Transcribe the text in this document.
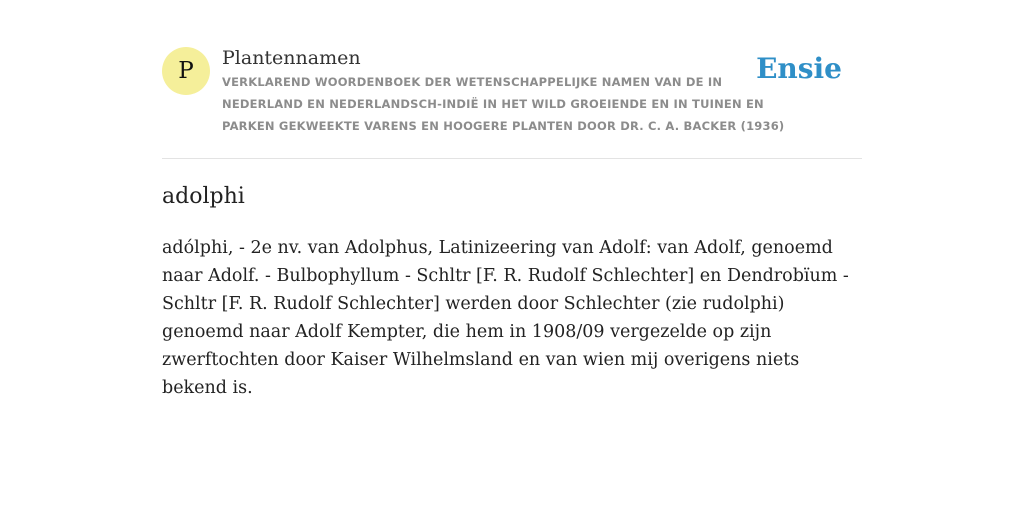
P	Plantennamen
VERKLAREND WOORDENBOEK DER WETENSCHAPPELIJKE NAMEN VAN DE IN NEDERLAND EN NEDERLANDSCH-INDIË IN HET WILD GROEIENDE EN IN TUINEN EN PARKEN GEKWEEKTE VARENS EN HOOGERE PLANTEN DOOR DR. C. A. BACKER (1936)
Ensie
adolphi

adólphi, - 2e nv. van Adolphus, Latinizeering van Adolf: van Adolf, genoemd naar Adolf. - Bulbophyllum - Schltr [F. R. Rudolf Schlechter] en Dendrobïum - Schltr [F. R. Rudolf Schlechter] werden door Schlechter (zie rudolphi) genoemd naar Adolf Kempter, die hem in 1908/09 vergezelde op zijn zwerftochten door Kaiser Wilhelmsland en van wien mij overigens niets bekend is.
